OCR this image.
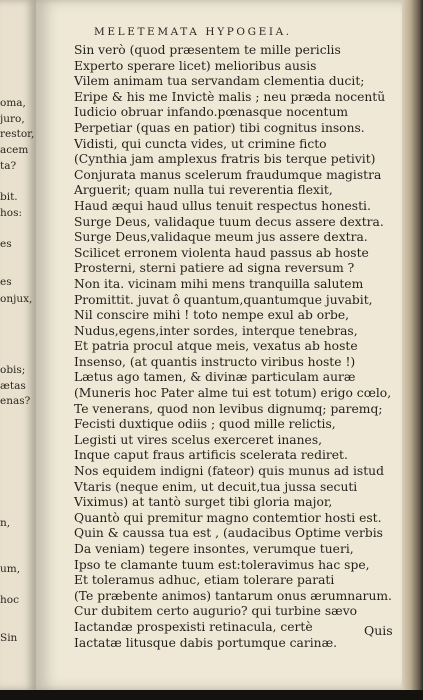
oma,
juro,
restor,
acem
ta?
bit.
hos:
es
es
onjux,
obis;
ætas
enas?
n,
um,
hoc
Sin
MELETEMATA HYPOGEIA.
Sin verò (quod præsentem te mille periclis
Experto sperare licet) melioribus ausis
Vilem animam tua servandam clementia ducit;
Eripe & his me Invictè malis ; neu præda nocentũ
Iudicio obruar infando.pœnasque nocentum
Perpetiar (quas en patior) tibi cognitus insons.
Vidisti, qui cuncta vides, ut crimine ficto
(Cynthia jam amplexus fratris bis terque petivit)
Conjurata manus scelerum fraudumque magistra
Arguerit; quam nulla tui reverentia flexit,
Haud æqui haud ullus tenuit respectus honesti.
Surge Deus, validaque tuum decus assere dextra.
Surge Deus,validaque meum jus assere dextra.
Scilicet erronem violenta haud passus ab hoste
Prosterni, sterni patiere ad signa reversum ?
Non ita. vicinam mihi mens tranquilla salutem
Promittit. juvat ô quantum,quantumque juvabit,
Nil conscire mihi ! toto nempe exul ab orbe,
Nudus,egens,inter sordes, interque tenebras,
Et patria procul atque meis, vexatus ab hoste
Insenso, (at quantis instructo viribus hoste !)
Lætus ago tamen, & divinæ particulam auræ
(Muneris hoc Pater alme tui est totum) erigo cœlo,
Te venerans, quod non levibus dignumq; paremq;
Fecisti duxtique odiis ; quod mille relictis,
Legisti ut vires scelus exerceret inanes,
Inque caput fraus artificis scelerata rediret.
Nos equidem indigni (fateor) quis munus ad istud
Vtaris (neque enim, ut decuit,tua jussa secuti
Viximus) at tantò surget tibi gloria major,
Quantò qui premitur magno contemtior hosti est.
Quin & caussa tua est , (audacibus Optime verbis
Da veniam) tegere insontes, verumque tueri,
Ipso te clamante tuum est:toleravimus hac spe,
Et toleramus adhuc, etiam tolerare parati
(Te præbente animos) tantarum onus ærumnarum.
Cur dubitem certo augurio? qui turbine sævo
Iactandæ prospexisti retinacula, certè
Iactatæ litusque dabis portumque carinæ.
Quis
